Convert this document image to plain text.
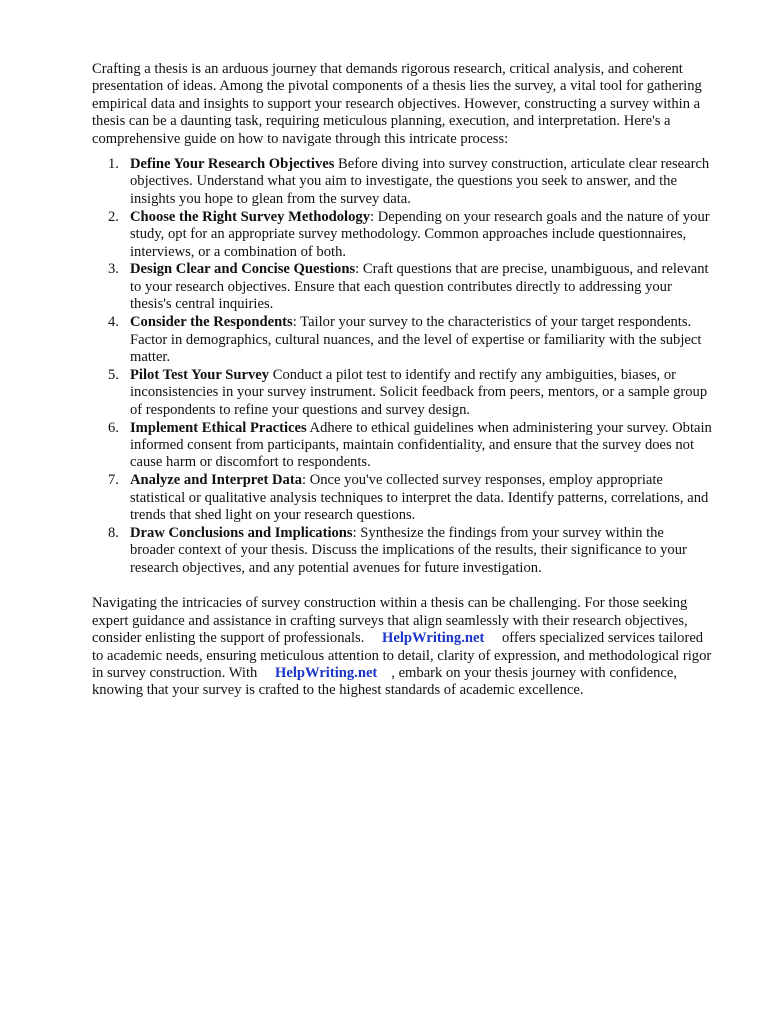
Crafting a thesis is an arduous journey that demands rigorous research, critical analysis, and coherent presentation of ideas. Among the pivotal components of a thesis lies the survey, a vital tool for gathering empirical data and insights to support your research objectives. However, constructing a survey within a thesis can be a daunting task, requiring meticulous planning, execution, and interpretation. Here's a comprehensive guide on how to navigate through this intricate process:

1. Define Your Research Objectives Before diving into survey construction, articulate clear research objectives. Understand what you aim to investigate, the questions you seek to answer, and the insights you hope to glean from the survey data.
2. Choose the Right Survey Methodology: Depending on your research goals and the nature of your study, opt for an appropriate survey methodology. Common approaches include questionnaires, interviews, or a combination of both.
3. Design Clear and Concise Questions: Craft questions that are precise, unambiguous, and relevant to your research objectives. Ensure that each question contributes directly to addressing your thesis's central inquiries.
4. Consider the Respondents: Tailor your survey to the characteristics of your target respondents. Factor in demographics, cultural nuances, and the level of expertise or familiarity with the subject matter.
5. Pilot Test Your Survey Conduct a pilot test to identify and rectify any ambiguities, biases, or inconsistencies in your survey instrument. Solicit feedback from peers, mentors, or a sample group of respondents to refine your questions and survey design.
6. Implement Ethical Practices Adhere to ethical guidelines when administering your survey. Obtain informed consent from participants, maintain confidentiality, and ensure that the survey does not cause harm or discomfort to respondents.
7. Analyze and Interpret Data: Once you've collected survey responses, employ appropriate statistical or qualitative analysis techniques to interpret the data. Identify patterns, correlations, and trends that shed light on your research questions.
8. Draw Conclusions and Implications: Synthesize the findings from your survey within the broader context of your thesis. Discuss the implications of the results, their significance to your research objectives, and any potential avenues for future investigation.

Navigating the intricacies of survey construction within a thesis can be challenging. For those seeking expert guidance and assistance in crafting surveys that align seamlessly with their research objectives, consider enlisting the support of professionals. HelpWriting.net offers specialized services tailored to academic needs, ensuring meticulous attention to detail, clarity of expression, and methodological rigor in survey construction. With HelpWriting.net , embark on your thesis journey with confidence, knowing that your survey is crafted to the highest standards of academic excellence.
